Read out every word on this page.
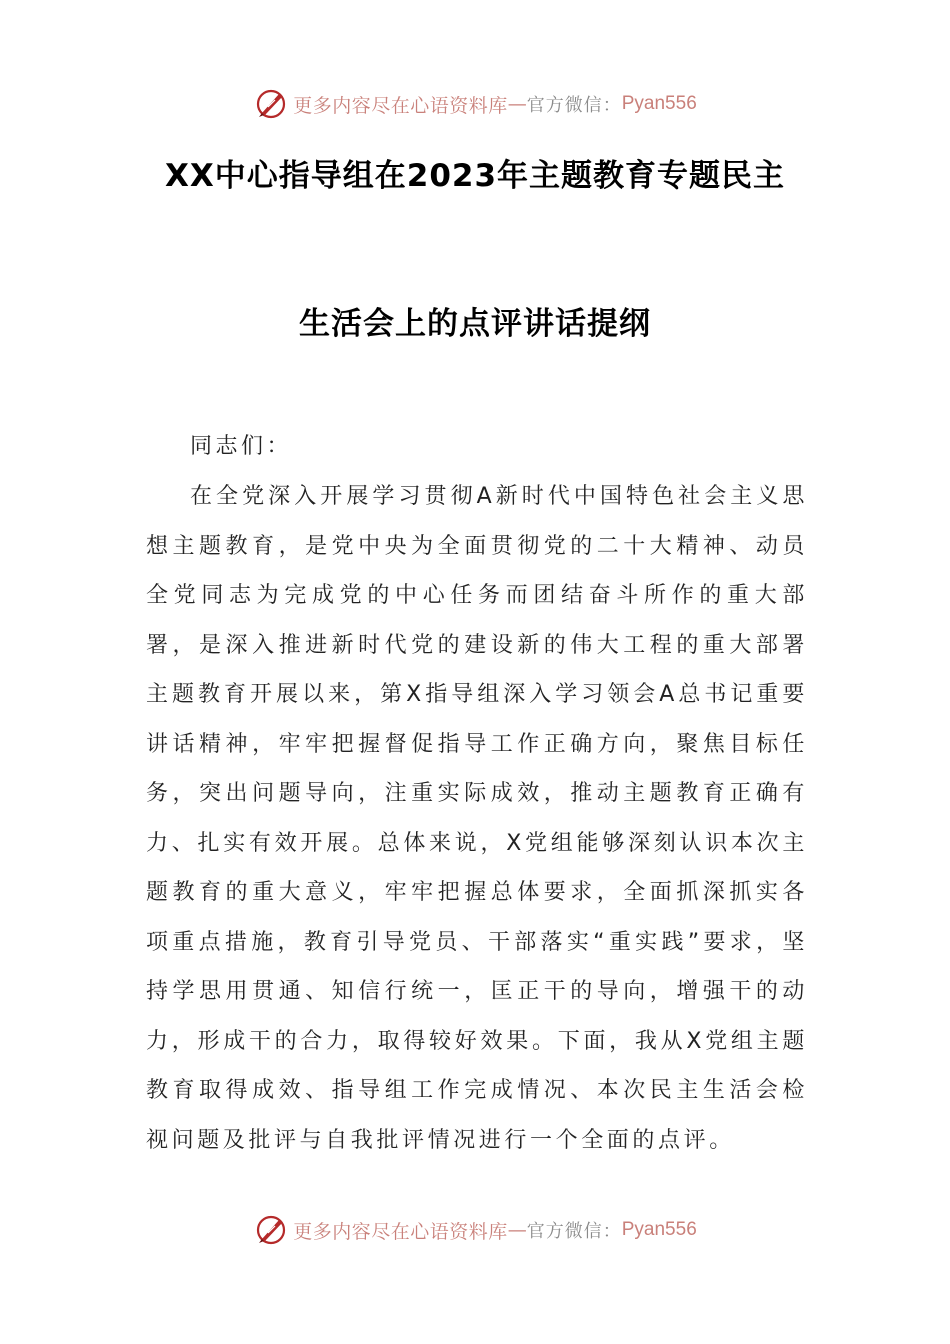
更多内容尽在心语资料库 — 官方微信： Pyan556
XX中心指导组在2023年主题教育专题民主
生活会上的点评讲话提纲
同志们：
在全党深入开展学习贯彻A新时代中国特色社会主义思想主题教育，是党中央为全面贯彻党的二十大精神、动员全党同志为完成党的中心任务而团结奋斗所作的重大部署，是深入推进新时代党的建设新的伟大工程的重大部署主题教育开展以来，第X指导组深入学习领会A总书记重要讲话精神，牢牢把握督促指导工作正确方向，聚焦目标任务，突出问题导向，注重实际成效，推动主题教育正确有力、扎实有效开展。总体来说，X党组能够深刻认识本次主题教育的重大意义，牢牢把握总体要求，全面抓深抓实各项重点措施，教育引导党员、干部落实“重实践”要求，坚持学思用贯通、知信行统一，匡正干的导向，增强干的动力，形成干的合力，取得较好效果。下面，我从X党组主题教育取得成效、指导组工作完成情况、本次民主生活会检视问题及批评与自我批评情况进行一个全面的点评。
更多内容尽在心语资料库 — 官方微信： Pyan556
